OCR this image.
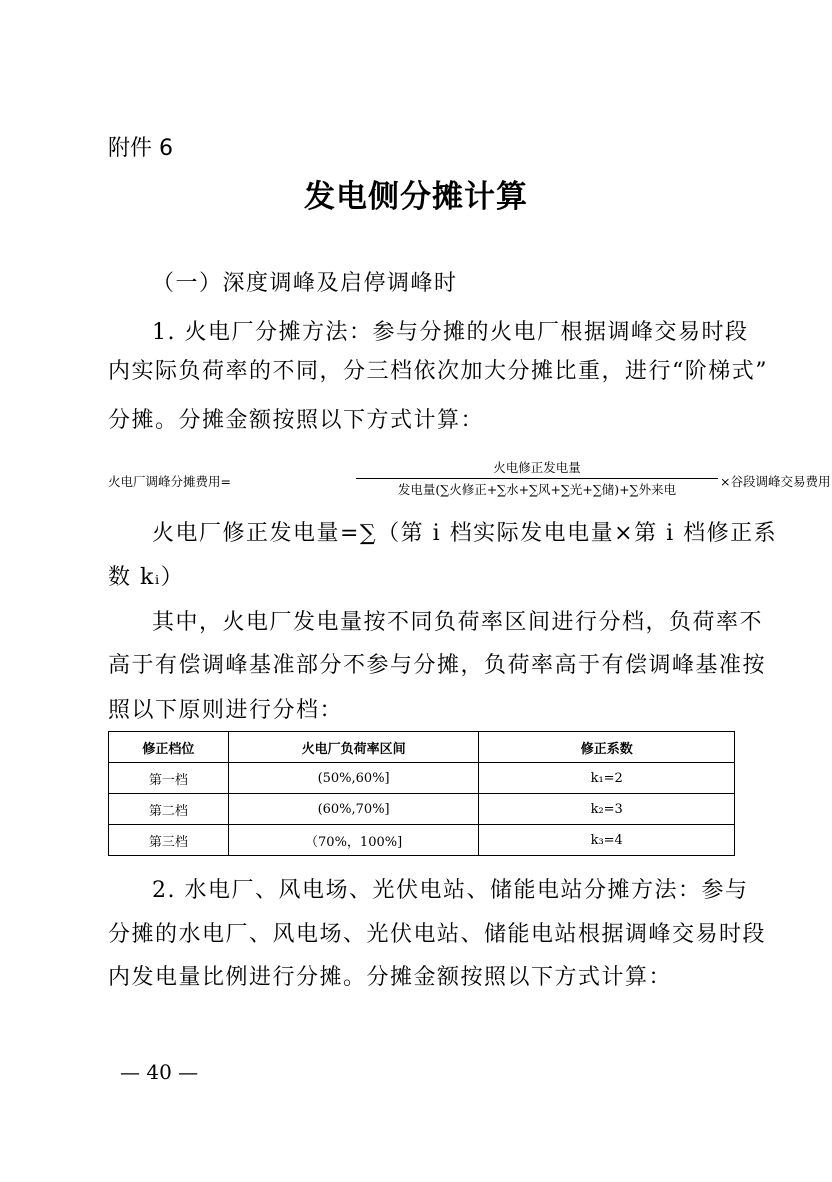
附件 6
发电侧分摊计算
（一）深度调峰及启停调峰时
1. 火电厂分摊方法：参与分摊的火电厂根据调峰交易时段
内实际负荷率的不同，分三档依次加大分摊比重，进行“阶梯式”
分摊。分摊金额按照以下方式计算：
火电厂调峰分摊费用=
火电修正发电量
发电量(∑火修正+∑水+∑风+∑光+∑储)+∑外来电
×谷段调峰交易费用
火电厂修正发电量=∑（第 i 档实际发电电量×第 i 档修正系
数 kᵢ）
其中，火电厂发电量按不同负荷率区间进行分档，负荷率不
高于有偿调峰基准部分不参与分摊，负荷率高于有偿调峰基准按
照以下原则进行分档：
修正档位	火电厂负荷率区间	修正系数
第一档	(50%,60%]	k₁=2
第二档	(60%,70%]	k₂=3
第三档	（70%，100%]	k₃=4
2. 水电厂、风电场、光伏电站、储能电站分摊方法：参与
分摊的水电厂、风电场、光伏电站、储能电站根据调峰交易时段
内发电量比例进行分摊。分摊金额按照以下方式计算：
— 40 —
